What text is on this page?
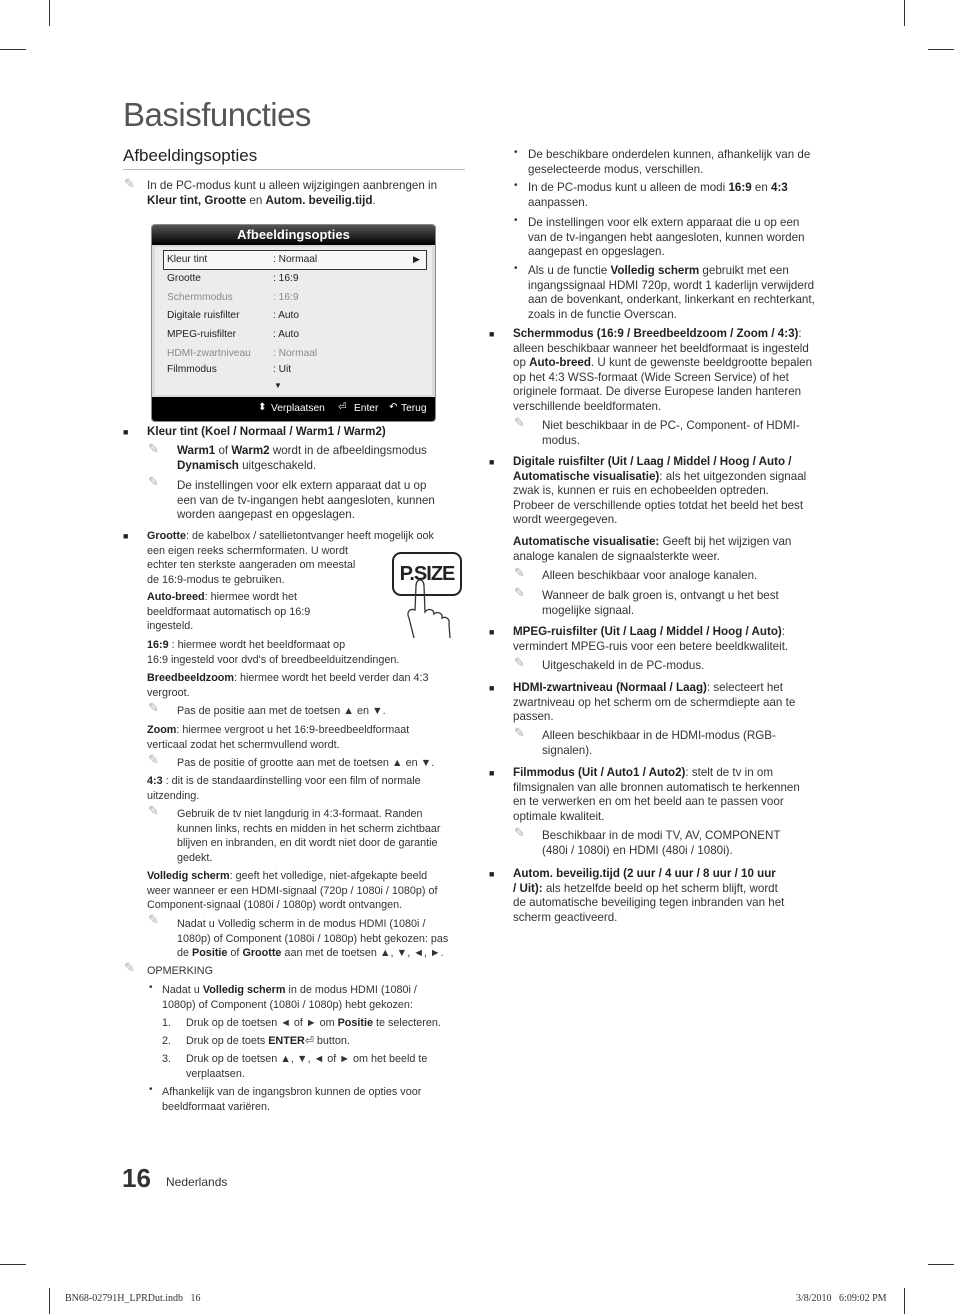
Basisfuncties
Afbeeldingsopties
✎ In de PC-modus kunt u alleen wijzigingen aanbrengen in
Kleur tint, Grootte en Autom. beveilig.tijd.
Afbeeldingsopties
Kleur tint	: Normaal	▶
Grootte	: 16:9
Schermmodus	: 16:9
Digitale ruisfilter	: Auto
MPEG-ruisfilter	: Auto
HDMI-zwartniveau : Normaal
Filmmodus	: Uit
▼
⬍ Verplaatsen ⏎ Enter ↶ Terug
■ Kleur tint (Koel / Normaal / Warm1 / Warm2)
✎ Warm1 of Warm2 wordt in de afbeeldingsmodus
Dynamisch uitgeschakeld.
✎ De instellingen voor elk extern apparaat dat u op
een van de tv-ingangen hebt aangesloten, kunnen
worden aangepast en opgeslagen.
■ Grootte: de kabelbox / satellietontvanger heeft mogelijk ook
een eigen reeks schermformaten. U wordt
echter ten sterkste aangeraden om meestal
de 16:9-modus te gebruiken.
Auto-breed: hiermee wordt het
beeldformaat automatisch op 16:9
ingesteld.
P.SIZE
16:9 : hiermee wordt het beeldformaat op
16:9 ingesteld voor dvd's of breedbeelduitzendingen.
Breedbeeldzoom: hiermee wordt het beeld verder dan 4:3
vergroot.
✎ Pas de positie aan met de toetsen ▲ en ▼.
Zoom: hiermee vergroot u het 16:9-breedbeeldformaat
verticaal zodat het schermvullend wordt.
✎ Pas de positie of grootte aan met de toetsen ▲ en ▼.
4:3 : dit is de standaardinstelling voor een film of normale
uitzending.
✎ Gebruik de tv niet langdurig in 4:3-formaat. Randen
kunnen links, rechts en midden in het scherm zichtbaar
blijven en inbranden, en dit wordt niet door de garantie
gedekt.
Volledig scherm: geeft het volledige, niet-afgekapte beeld
weer wanneer er een HDMI-signaal (720p / 1080i / 1080p) of
Component-signaal (1080i / 1080p) wordt ontvangen.
✎ Nadat u Volledig scherm in de modus HDMI (1080i /
1080p) of Component (1080i / 1080p) hebt gekozen: pas
de Positie of Grootte aan met de toetsen ▲, ▼, ◄, ►.
✎ OPMERKING
• Nadat u Volledig scherm in de modus HDMI (1080i /
1080p) of Component (1080i / 1080p) hebt gekozen:
1. Druk op de toetsen ◄ of ► om Positie te selecteren.
2. Druk op de toets ENTER⏎ button.
3. Druk op de toetsen ▲, ▼, ◄ of ► om het beeld te
verplaatsen.
• Afhankelijk van de ingangsbron kunnen de opties voor
beeldformaat variëren.
• De beschikbare onderdelen kunnen, afhankelijk van de
geselecteerde modus, verschillen.
• In de PC-modus kunt u alleen de modi 16:9 en 4:3
aanpassen.
• De instellingen voor elk extern apparaat die u op een
van de tv-ingangen hebt aangesloten, kunnen worden
aangepast en opgeslagen.
• Als u de functie Volledig scherm gebruikt met een
ingangssignaal HDMI 720p, wordt 1 kaderlijn verwijderd
aan de bovenkant, onderkant, linkerkant en rechterkant,
zoals in de functie Overscan.
■ Schermmodus (16:9 / Breedbeeldzoom / Zoom / 4:3):
alleen beschikbaar wanneer het beeldformaat is ingesteld
op Auto-breed. U kunt de gewenste beeldgrootte bepalen
op het 4:3 WSS-formaat (Wide Screen Service) of het
originele formaat. De diverse Europese landen hanteren
verschillende beeldformaten.
✎ Niet beschikbaar in de PC-, Component- of HDMI-
modus.
■ Digitale ruisfilter (Uit / Laag / Middel / Hoog / Auto /
Automatische visualisatie): als het uitgezonden signaal
zwak is, kunnen er ruis en echobeelden optreden.
Probeer de verschillende opties totdat het beeld het best
wordt weergegeven.
Automatische visualisatie: Geeft bij het wijzigen van
analoge kanalen de signaalsterkte weer.
✎ Alleen beschikbaar voor analoge kanalen.
✎ Wanneer de balk groen is, ontvangt u het best
mogelijke signaal.
■ MPEG-ruisfilter (Uit / Laag / Middel / Hoog / Auto):
vermindert MPEG-ruis voor een betere beeldkwaliteit.
✎ Uitgeschakeld in de PC-modus.
■ HDMI-zwartniveau (Normaal / Laag): selecteert het
zwartniveau op het scherm om de schermdiepte aan te
passen.
✎ Alleen beschikbaar in de HDMI-modus (RGB-
signalen).
■ Filmmodus (Uit / Auto1 / Auto2): stelt de tv in om
filmsignalen van alle bronnen automatisch te herkennen
en te verwerken en om het beeld aan te passen voor
optimale kwaliteit.
✎ Beschikbaar in de modi TV, AV, COMPONENT
(480i / 1080i) en HDMI (480i / 1080i).
■ Autom. beveilig.tijd (2 uur / 4 uur / 8 uur / 10 uur
/ Uit): als hetzelfde beeld op het scherm blijft, wordt
de automatische beveiliging tegen inbranden van het
scherm geactiveerd.
16 Nederlands
BN68-02791H_LPRDut.indb   16	3/8/2010   6:09:02 PM
